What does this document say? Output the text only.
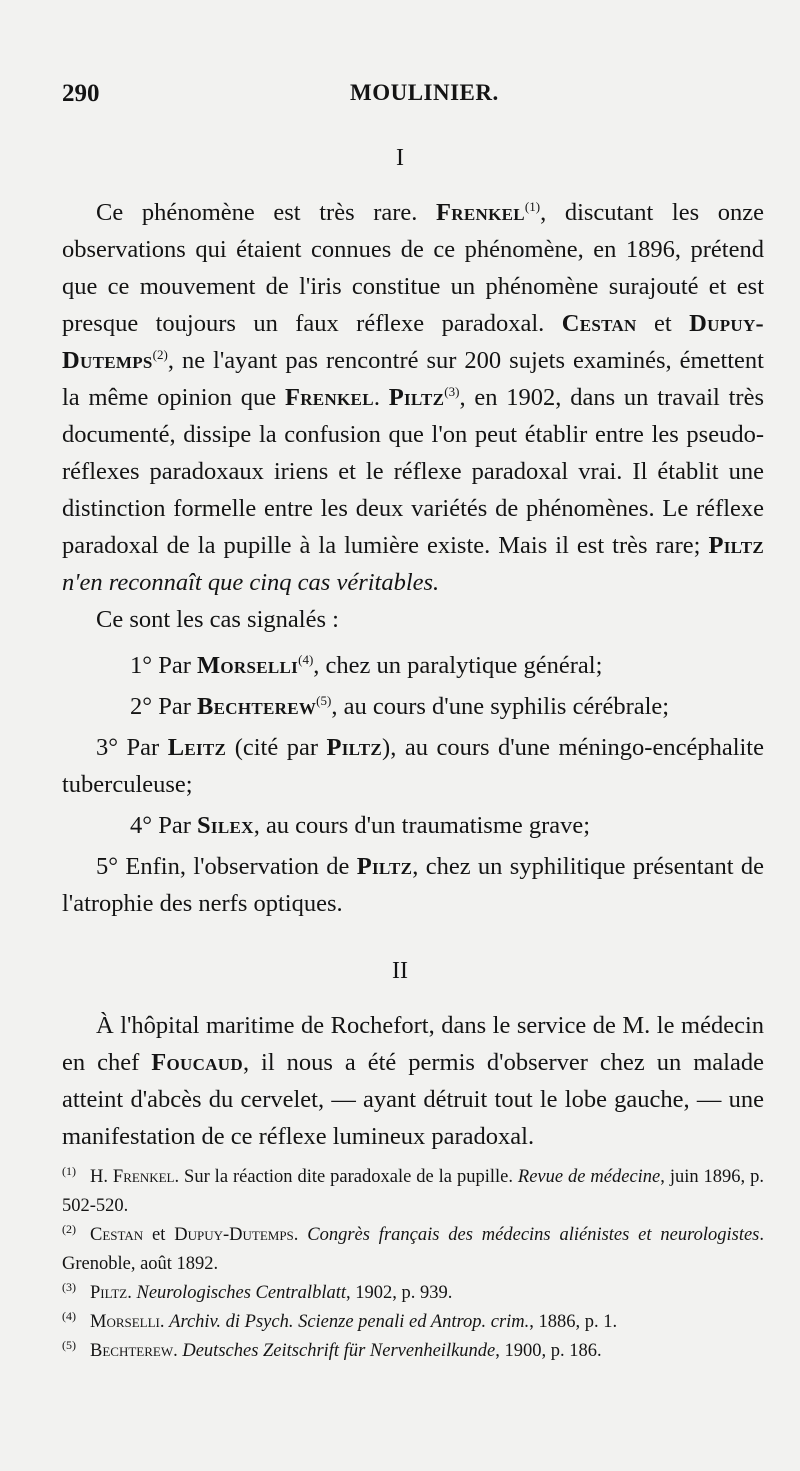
290	MOULINIER.
I

Ce phénomène est très rare. Frenkel$^{(1)}$, discutant les onze observations qui étaient connues de ce phénomène, en 1896, prétend que ce mouvement de l'iris constitue un phénomène surajouté et est presque toujours un faux réflexe paradoxal. Cestan et Dupuy-Dutemps$^{(2)}$, ne l'ayant pas rencontré sur 200 sujets examinés, émettent la même opinion que Frenkel. Piltz$^{(3)}$, en 1902, dans un travail très documenté, dissipe la confusion que l'on peut établir entre les pseudo-réflexes paradoxaux iriens et le réflexe paradoxal vrai. Il établit une distinction formelle entre les deux variétés de phénomènes. Le réflexe paradoxal de la pupille à la lumière existe. Mais il est très rare; Piltz n'en reconnaît que cinq cas véritables.

Ce sont les cas signalés :

1° Par Morselli$^{(4)}$, chez un paralytique général;

2° Par Bechterew$^{(5)}$, au cours d'une syphilis cérébrale;

3° Par Leitz (cité par Piltz), au cours d'une méningo-encéphalite tuberculeuse;

4° Par Silex, au cours d'un traumatisme grave;

5° Enfin, l'observation de Piltz, chez un syphilitique présentant de l'atrophie des nerfs optiques.

II

À l'hôpital maritime de Rochefort, dans le service de M. le médecin en chef Foucaud, il nous a été permis d'observer chez un malade atteint d'abcès du cervelet, — ayant détruit tout le lobe gauche, — une manifestation de ce réflexe lumineux paradoxal.

(1) H. Frenkel. Sur la réaction dite paradoxale de la pupille. Revue de médecine, juin 1896, p. 502-520.

(2) Cestan et Dupuy-Dutemps. Congrès français des médecins aliénistes et neurologistes. Grenoble, août 1892.

(3) Piltz. Neurologisches Centralblatt, 1902, p. 939.

(4) Morselli. Archiv. di Psych. Scienze penali ed Antrop. crim., 1886, p. 1.

(5) Bechterew. Deutsches Zeitschrift für Nervenheilkunde, 1900, p. 186.
